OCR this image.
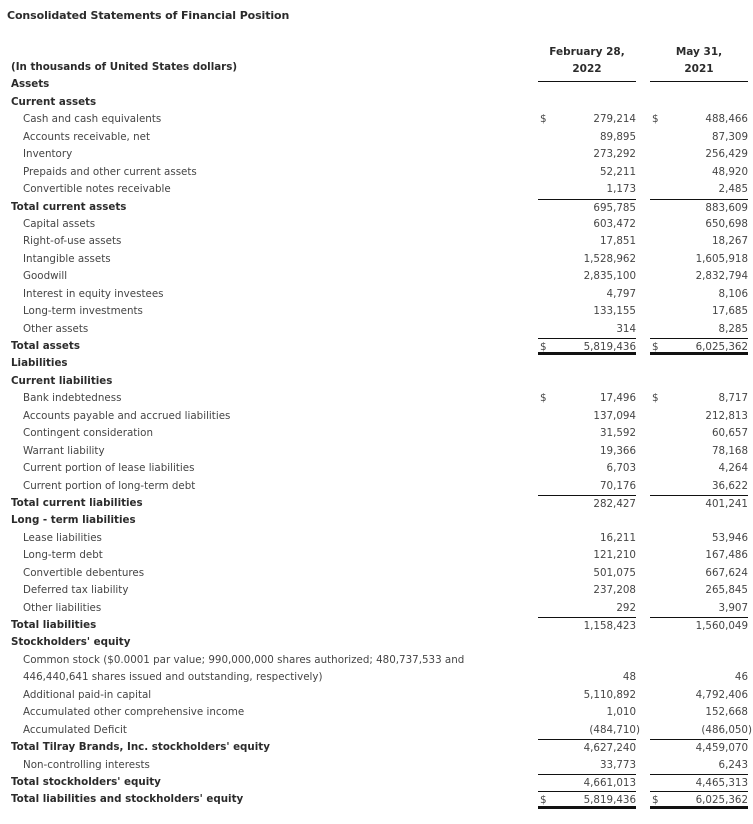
Consolidated Statements of Financial Position
February 28,
2022
May 31,
2021
(In thousands of United States dollars)
Assets
Current assets
Cash and cash equivalents	$	279,214 $	488,466
Accounts receivable, net	89,895	87,309
Inventory	273,292	256,429
Prepaids and other current assets	52,211	48,920
Convertible notes receivable	1,173	2,485
Total current assets	695,785	883,609
Capital assets	603,472	650,698
Right-of-use assets	17,851	18,267
Intangible assets	1,528,962	1,605,918
Goodwill	2,835,100	2,832,794
Interest in equity investees	4,797	8,106
Long-term investments	133,155	17,685
Other assets	314	8,285
Total assets	$	5,819,436 $	6,025,362
Liabilities
Current liabilities
Bank indebtedness	$	17,496 $	8,717
Accounts payable and accrued liabilities	137,094	212,813
Contingent consideration	31,592	60,657
Warrant liability	19,366	78,168
Current portion of lease liabilities	6,703	4,264
Current portion of long-term debt	70,176	36,622
Total current liabilities	282,427	401,241
Long - term liabilities
Lease liabilities	16,211	53,946
Long-term debt	121,210	167,486
Convertible debentures	501,075	667,624
Deferred tax liability	237,208	265,845
Other liabilities	292	3,907
Total liabilities	1,158,423	1,560,049
Stockholders' equity
Common stock ($0.0001 par value; 990,000,000 shares authorized; 480,737,533 and
446,440,641 shares issued and outstanding, respectively)	48	46
Additional paid-in capital	5,110,892	4,792,406
Accumulated other comprehensive income	1,010	152,668
Accumulated Deficit	(484,710)	(486,050)
Total Tilray Brands, Inc. stockholders' equity	4,627,240	4,459,070
Non-controlling interests	33,773	6,243
Total stockholders' equity	4,661,013	4,465,313
Total liabilities and stockholders' equity	$	5,819,436 $	6,025,362
